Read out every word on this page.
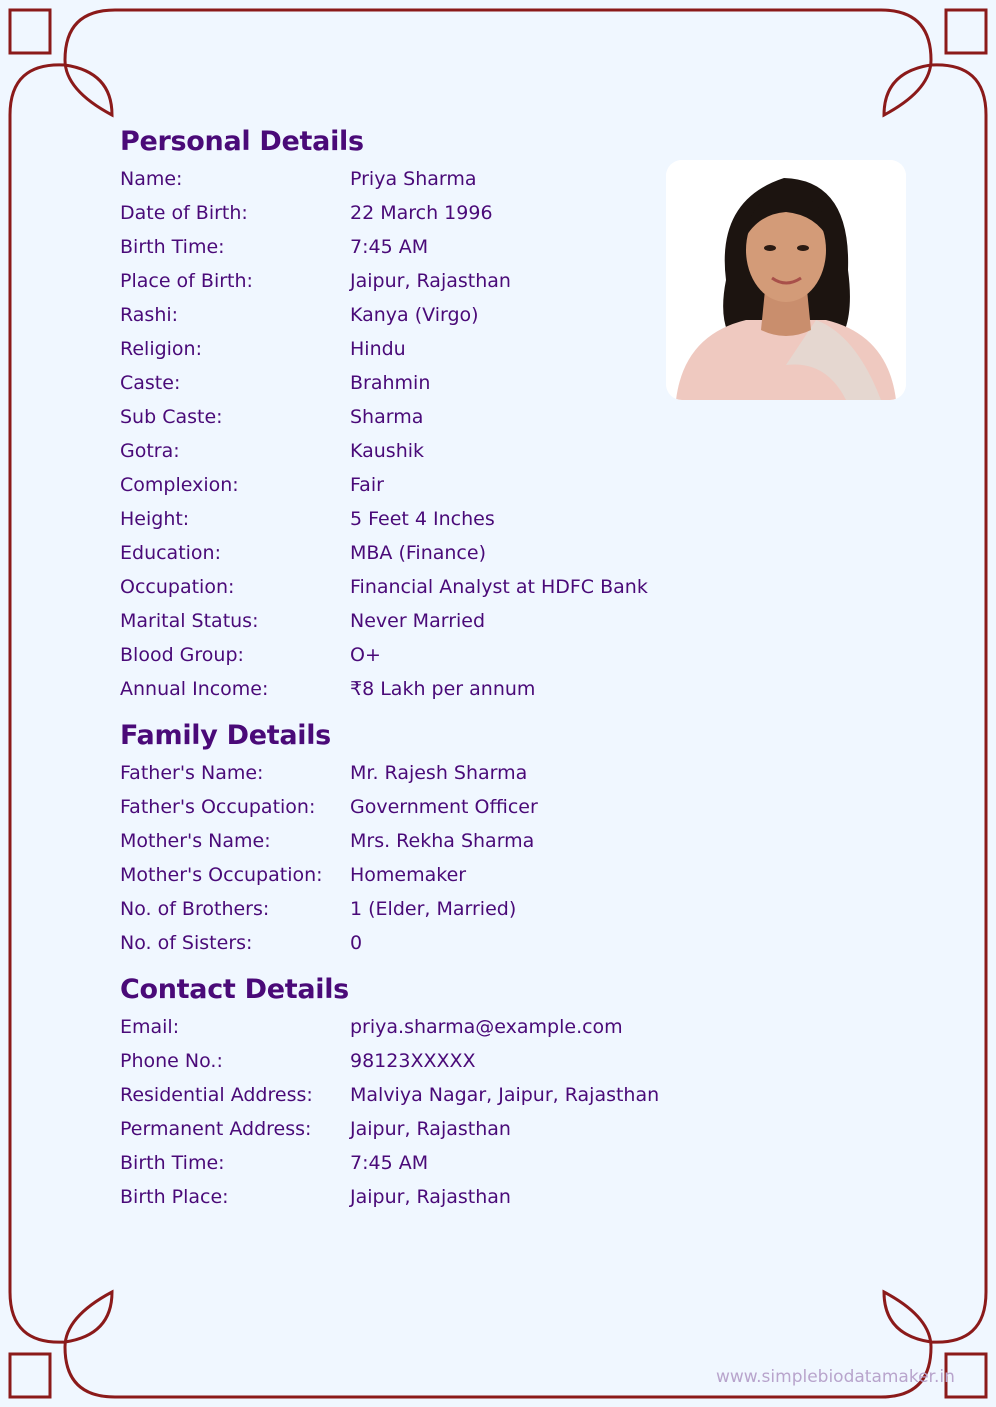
Personal Details
Name:	Priya Sharma
Date of Birth:	22 March 1996
Birth Time:	7:45 AM
Place of Birth:	Jaipur, Rajasthan
Rashi:	Kanya (Virgo)
Religion:	Hindu
Caste:	Brahmin
Sub Caste:	Sharma
Gotra:	Kaushik
Complexion:	Fair
Height:	5 Feet 4 Inches
Education:	MBA (Finance)
Occupation:	Financial Analyst at HDFC Bank
Marital Status:	Never Married
Blood Group:	O+
Annual Income:	₹8 Lakh per annum
Family Details
Father's Name:	Mr. Rajesh Sharma
Father's Occupation:	Government Officer
Mother's Name:	Mrs. Rekha Sharma
Mother's Occupation:	Homemaker
No. of Brothers:	1 (Elder, Married)
No. of Sisters:	0
Contact Details
Email:	priya.sharma@example.com
Phone No.:	98123XXXXX
Residential Address:	Malviya Nagar, Jaipur, Rajasthan
Permanent Address:	Jaipur, Rajasthan
Birth Time:	7:45 AM
Birth Place:	Jaipur, Rajasthan
www.simplebiodatamaker.in
